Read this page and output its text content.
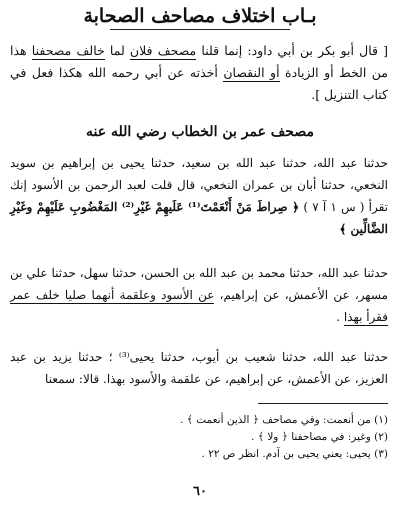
بـاب اختلاف مصاحف الصحابة
[ قال أبو بكر بن أبي داود: إنما قلنا مصحف فلان لما خالف مصحفنا هذا من الخط أو الزيادة أو النقصان أخذته عن أبي رحمه الله هكذا فعل في كتاب التنزيل ].
مصحف عمر بن الخطاب رضي الله عنه
حدثنا عبد الله، حدثنا عبد الله بن سعيد، حدثنا يحيى بن إبراهيم بن سويد النخعي، حدثنا أبان بن عمران النخعي، قال قلت لعبد الرحمن بن الأسود إنك تقرأ ( س ١ آ ٧ ) ﴿ صِراطَ مَنْ أَنْعَمْتَ⁽¹⁾ عَلَيهِمْ غَيْرِ⁽²⁾ المَغْضُوبِ عَلَيْهِمْ وغَيْرِ الضَّالِّين ﴾
حدثنا عبد الله، حدثنا محمد بن عبد الله بن الحسن، حدثنا سهل، حدثنا علي بن مسهر، عن الأعمش، عن إبراهيم، عن الأسود وعلقمة أنهما صليا خلف عمر فقرأ بهذا .
حدثنا عبد الله، حدثنا شعيب بن أيوب، حدثنا يحيى⁽³⁾ ؛ حدثنا يزيد بن عبد العزيز، عن الأعمش، عن إبراهيم، عن علقمة والأسود بهذا. قالا: سمعنا
(١) من أنعمت: وفي مصاحف ﴿ الذين أنعمت ﴾ .
(٢) وغير: في مصاحفنا ﴿ ولا ﴾ .
(٣) يحيى: يعني يحيى بن آدم. انظر ص ٢٢ .
٦٠
